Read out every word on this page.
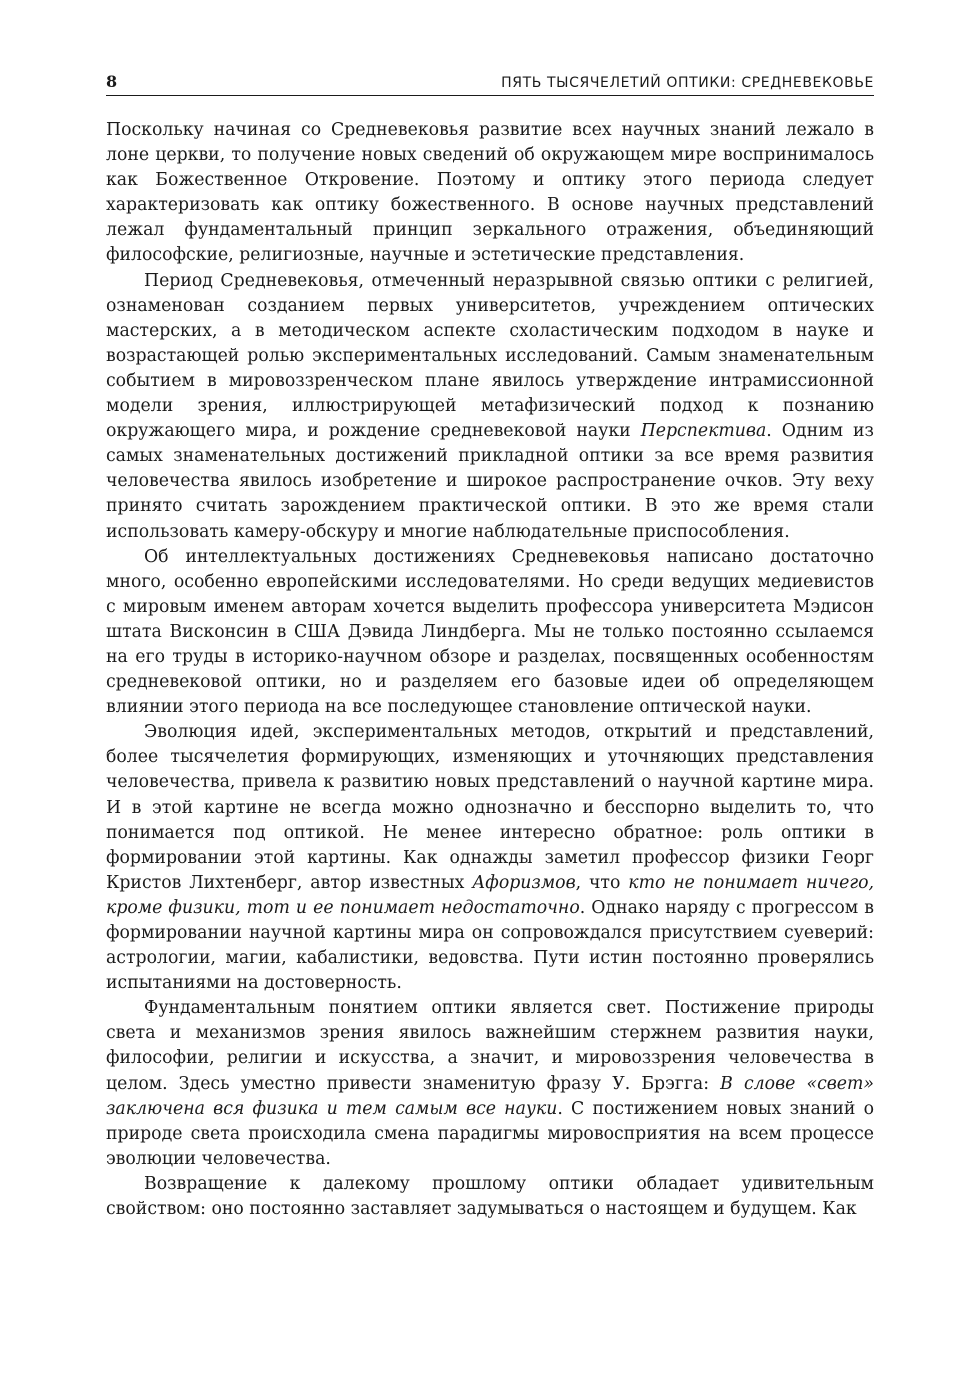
8	ПЯТЬ ТЫСЯЧЕЛЕТИЙ ОПТИКИ: СРЕДНЕВЕКОВЬЕ

Поскольку начиная со Средневековья развитие всех научных знаний лежало в лоне церкви, то получение новых сведений об окружающем мире воспринималось как Божественное Откровение. Поэтому и оптику этого периода следует характеризовать как оптику божественного. В основе научных представлений лежал фундаментальный принцип зеркального отражения, объединяющий философские, религиозные, научные и эстетические представления.

Период Средневековья, отмеченный неразрывной связью оптики с религией, ознаменован созданием первых университетов, учреждением оптических мастерских, а в методическом аспекте схоластическим подходом в науке и возрастающей ролью экспериментальных исследований. Самым знаменательным событием в мировоззренческом плане явилось утверждение интрамиссионной модели зрения, иллюстрирующей метафизический подход к познанию окружающего мира, и рождение средневековой науки Перспектива. Одним из самых знаменательных достижений прикладной оптики за все время развития человечества явилось изобретение и широкое распространение очков. Эту веху принято считать зарождением практической оптики. В это же время стали использовать камеру-обскуру и многие наблюдательные приспособления.

Об интеллектуальных достижениях Средневековья написано достаточно много, особенно европейскими исследователями. Но среди ведущих медиевистов с мировым именем авторам хочется выделить профессора университета Мэдисон штата Висконсин в США Дэвида Линдберга. Мы не только постоянно ссылаемся на его труды в историко-научном обзоре и разделах, посвященных особенностям средневековой оптики, но и разделяем его базовые идеи об определяющем влиянии этого периода на все последующее становление оптической науки.

Эволюция идей, экспериментальных методов, открытий и представлений, более тысячелетия формирующих, изменяющих и уточняющих представления человечества, привела к развитию новых представлений о научной картине мира. И в этой картине не всегда можно однозначно и бесспорно выделить то, что понимается под оптикой. Не менее интересно обратное: роль оптики в формировании этой картины. Как однажды заметил профессор физики Георг Кристов Лихтенберг, автор известных Афоризмов, что кто не понимает ничего, кроме физики, тот и ее понимает недостаточно. Однако наряду с прогрессом в формировании научной картины мира он сопровождался присутствием суеверий: астрологии, магии, кабалистики, ведовства. Пути истин постоянно проверялись испытаниями на достоверность.

Фундаментальным понятием оптики является свет. Постижение природы света и механизмов зрения явилось важнейшим стержнем развития науки, философии, религии и искусства, а значит, и мировоззрения человечества в целом. Здесь уместно привести знаменитую фразу У. Брэгга: В слове «свет» заключена вся физика и тем самым все науки. С постижением новых знаний о природе света происходила смена парадигмы мировосприятия на всем процессе эволюции человечества.

Возвращение к далекому прошлому оптики обладает удивительным свойством: оно постоянно заставляет задумываться о настоящем и будущем. Как
